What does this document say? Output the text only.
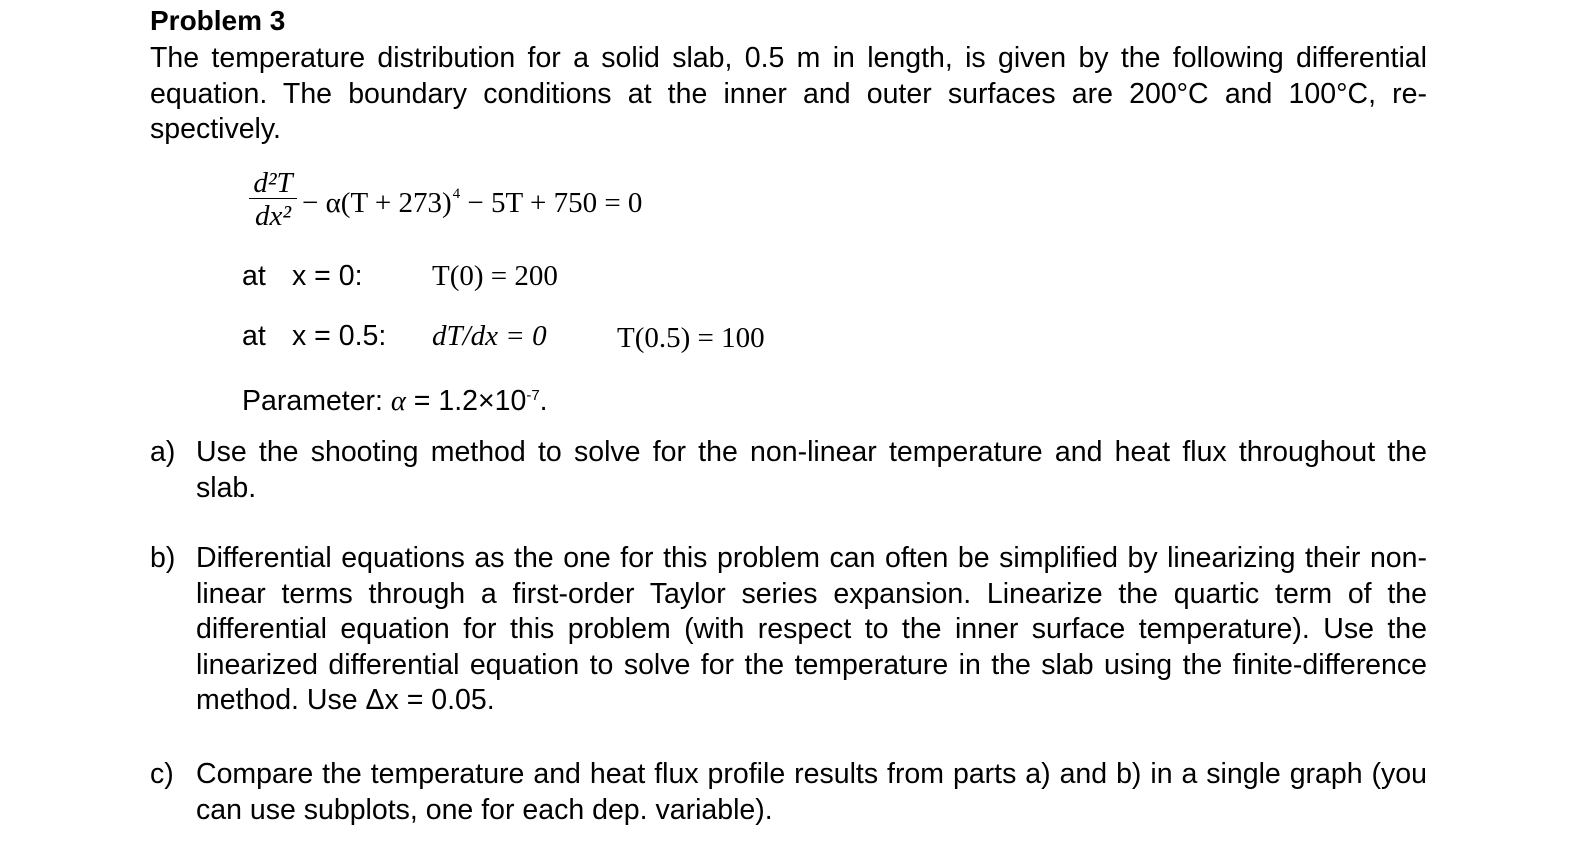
Problem 3
The temperature distribution for a solid slab, 0.5 m in length, is given by the following differential equation. The boundary conditions at the inner and outer surfaces are 200°C and 100°C, re-spectively.
d²T
$dx^2 - \alpha(T + 273)^4 - 5T + 750 = 0$
at x = 0: T(0) = 200
at x = 0.5: dT/dx = 0 T(0.5) = 100
Parameter: $\alpha = 1.2\times 10^{-7}$.
a) Use the shooting method to solve for the non-linear temperature and heat flux throughout the slab.
b) Differential equations as the one for this problem can often be simplified by linearizing their non-linear terms through a first-order Taylor series expansion. Linearize the quartic term of the differential equation for this problem (with respect to the inner surface temperature). Use the linearized differential equation to solve for the temperature in the slab using the finite-difference method. Use Δx = 0.05.
c) Compare the temperature and heat flux profile results from parts a) and b) in a single graph (you can use subplots, one for each dep. variable).
